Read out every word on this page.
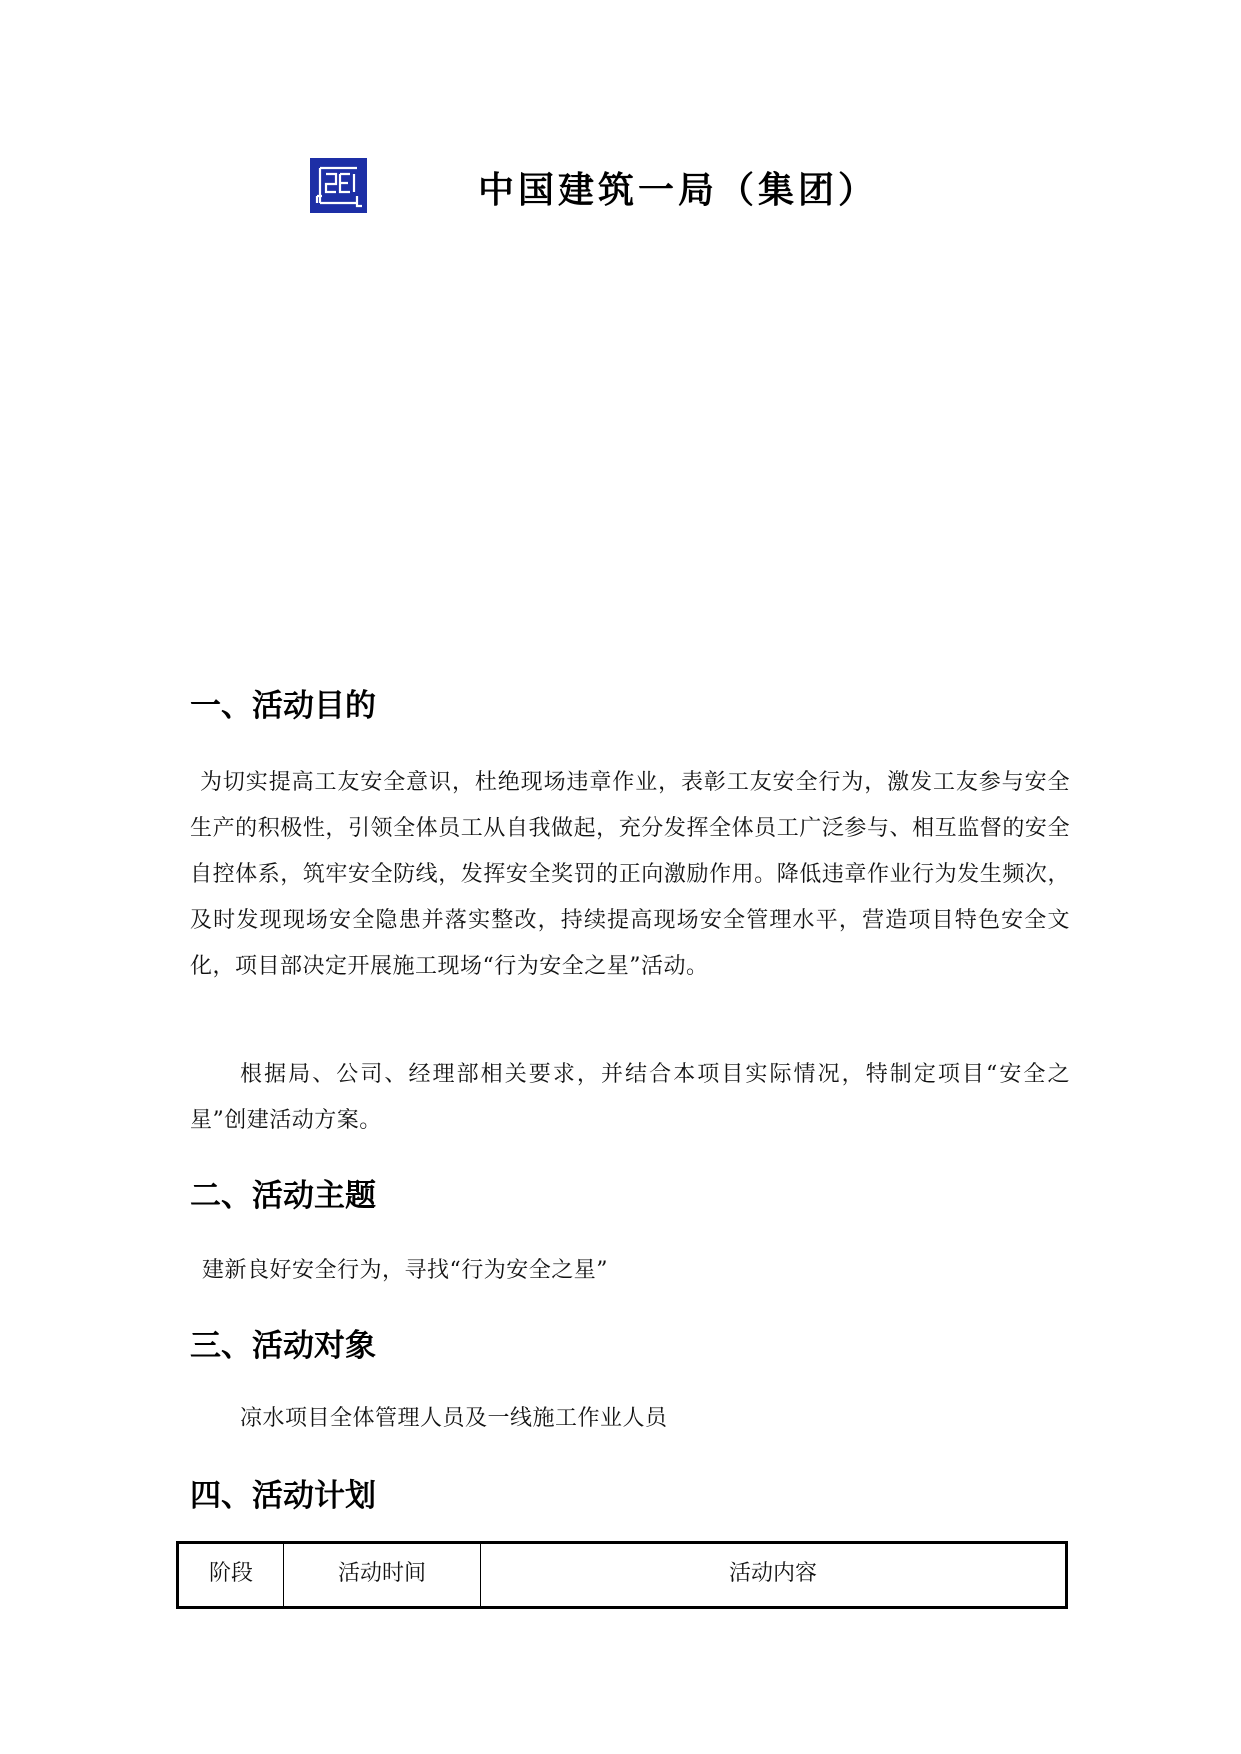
中国建筑一局（集团）
一、活动目的

为切实提高工友安全意识，杜绝现场违章作业，表彰工友安全行为，激发工友参与安全生产的积极性，引领全体员工从自我做起，充分发挥全体员工广泛参与、相互监督的安全自控体系，筑牢安全防线，发挥安全奖罚的正向激励作用。降低违章作业行为发生频次，及时发现现场安全隐患并落实整改，持续提高现场安全管理水平，营造项目特色安全文化，项目部决定开展施工现场“行为安全之星”活动。

根据局、公司、经理部相关要求，并结合本项目实际情况，特制定项目“安全之星”创建活动方案。

二、活动主题

建新良好安全行为，寻找“行为安全之星”

三、活动对象

凉水项目全体管理人员及一线施工作业人员

四、活动计划
阶段	活动时间	活动内容
